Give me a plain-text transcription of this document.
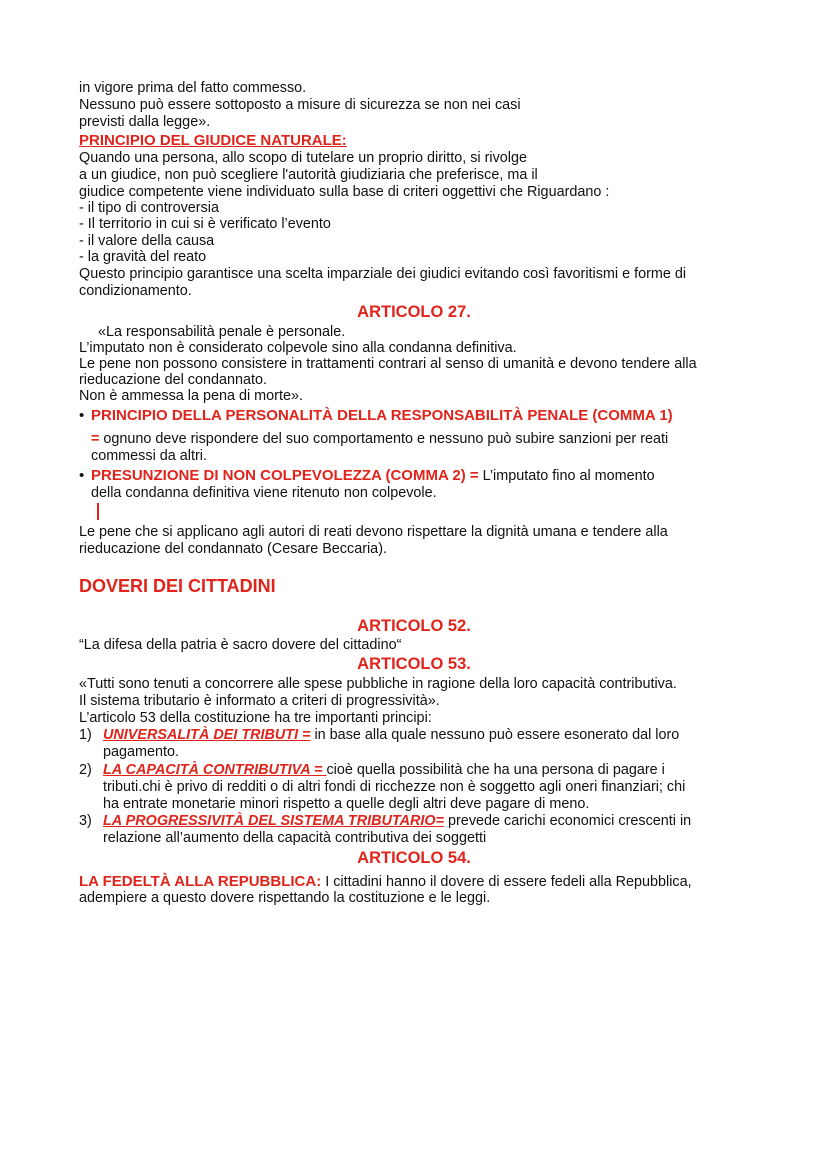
in vigore prima del fatto commesso.
Nessuno può essere sottoposto a misure di sicurezza se non nei casi
previsti dalla legge».
PRINCIPIO DEL GIUDICE NATURALE:
Quando una persona, allo scopo di tutelare un proprio diritto, si rivolge
a un giudice, non può scegliere l'autorità giudiziaria che preferisce, ma il
giudice competente viene individuato sulla base di criteri oggettivi che Riguardano :
- il tipo di controversia
- Il territorio in cui si è verificato l’evento
- il valore della causa
- la gravità del reato
Questo principio garantisce una scelta imparziale dei giudici evitando così favoritismi e forme di
condizionamento.
ARTICOLO 27.
«La responsabilità penale è personale.
L’imputato non è considerato colpevole sino alla condanna definitiva.
Le pene non possono consistere in trattamenti contrari al senso di umanità e devono tendere alla
rieducazione del condannato.
Non è ammessa la pena di morte».
• PRINCIPIO DELLA PERSONALITÀ DELLA RESPONSABILITÀ PENALE (COMMA 1)
= ognuno deve rispondere del suo comportamento e nessuno può subire sanzioni per reati
commessi da altri.
• PRESUNZIONE DI NON COLPEVOLEZZA (COMMA 2) = L’imputato fino al momento
della condanna definitiva viene ritenuto non colpevole.
Le pene che si applicano agli autori di reati devono rispettare la dignità umana e tendere alla
rieducazione del condannato (Cesare Beccaria).
DOVERI DEI CITTADINI
ARTICOLO 52.
“La difesa della patria è sacro dovere del cittadino“
ARTICOLO 53.
«Tutti sono tenuti a concorrere alle spese pubbliche in ragione della loro capacità contributiva.
Il sistema tributario è informato a criteri di progressività».
L’articolo 53 della costituzione ha tre importanti principi:
1) UNIVERSALITÀ DEI TRIBUTI = in base alla quale nessuno può essere esonerato dal loro
pagamento.
2) LA CAPACITÀ CONTRIBUTIVA = cioè quella possibilità che ha una persona di pagare i
tributi.chi è privo di redditi o di altri fondi di ricchezze non è soggetto agli oneri finanziari; chi
ha entrate monetarie minori rispetto a quelle degli altri deve pagare di meno.
3) LA PROGRESSIVITÀ DEL SISTEMA TRIBUTARIO= prevede carichi economici crescenti in
relazione all’aumento della capacità contributiva dei soggetti
ARTICOLO 54.
LA FEDELTÀ ALLA REPUBBLICA: I cittadini hanno il dovere di essere fedeli alla Repubblica,
adempiere a questo dovere rispettando la costituzione e le leggi.
